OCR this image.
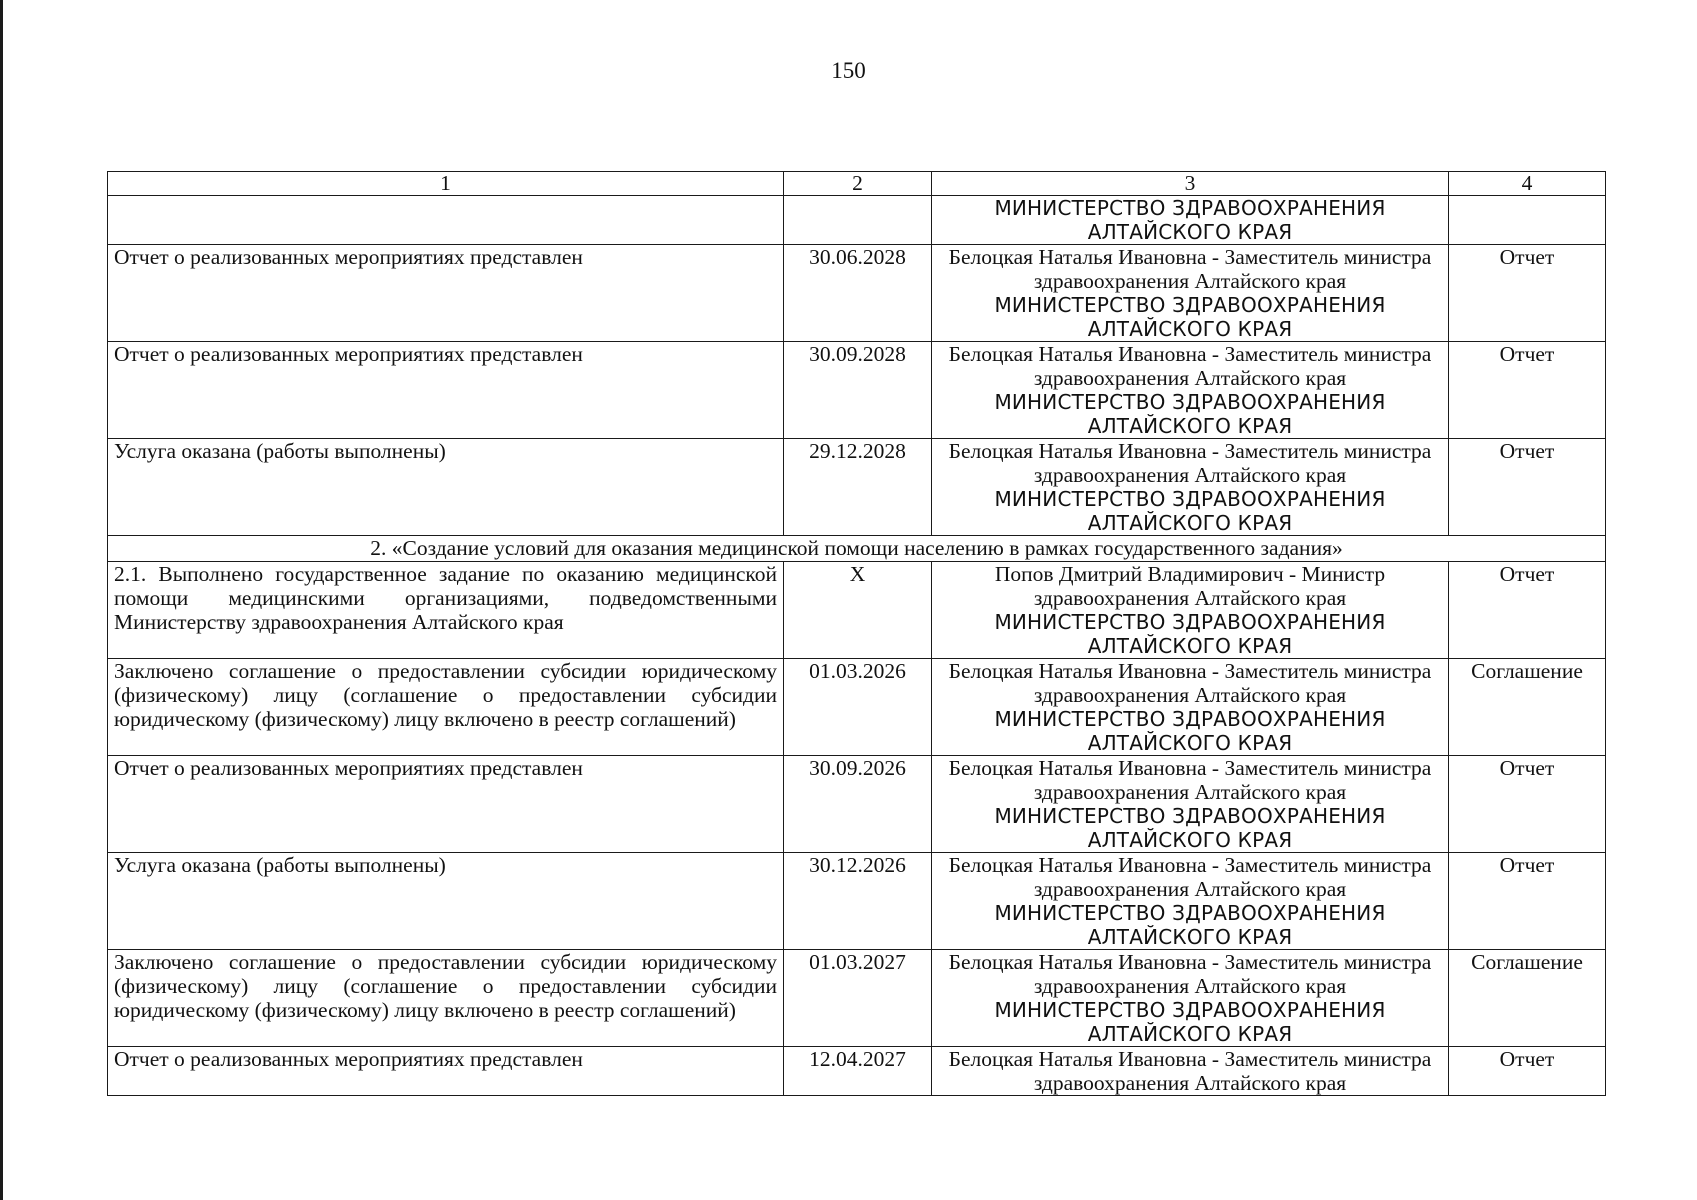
150
1	2	3	4

		МИНИСТЕРСТВО ЗДРАВООХРАНЕНИЯ АЛТАЙСКОГО КРАЯ	

Отчет о реализованных мероприятиях представлен	30.06.2028	Белоцкая Наталья Ивановна - Заместитель министра здравоохранения Алтайского края
МИНИСТЕРСТВО ЗДРАВООХРАНЕНИЯ АЛТАЙСКОГО КРАЯ	Отчет
Отчет о реализованных мероприятиях представлен	30.09.2028	Белоцкая Наталья Ивановна - Заместитель министра здравоохранения Алтайского края
МИНИСТЕРСТВО ЗДРАВООХРАНЕНИЯ АЛТАЙСКОГО КРАЯ	Отчет
Услуга оказана (работы выполнены)	29.12.2028	Белоцкая Наталья Ивановна - Заместитель министра здравоохранения Алтайского края
МИНИСТЕРСТВО ЗДРАВООХРАНЕНИЯ АЛТАЙСКОГО КРАЯ	Отчет
2. «Создание условий для оказания медицинской помощи населению в рамках государственного задания»			
2.1. Выполнено государственное задание по оказанию медицинской помощи медицинскими организациями, подведомственными Министерству здравоохранения Алтайского края	X	Попов Дмитрий Владимирович - Министр здравоохранения Алтайского края
МИНИСТЕРСТВО ЗДРАВООХРАНЕНИЯ АЛТАЙСКОГО КРАЯ	Отчет
Заключено соглашение о предоставлении субсидии юридическому (физическому) лицу (соглашение о предоставлении субсидии юридическому (физическому) лицу включено в реестр соглашений)	01.03.2026	Белоцкая Наталья Ивановна - Заместитель министра здравоохранения Алтайского края
МИНИСТЕРСТВО ЗДРАВООХРАНЕНИЯ АЛТАЙСКОГО КРАЯ	Соглашение
Отчет о реализованных мероприятиях представлен	30.09.2026	Белоцкая Наталья Ивановна - Заместитель министра здравоохранения Алтайского края
МИНИСТЕРСТВО ЗДРАВООХРАНЕНИЯ АЛТАЙСКОГО КРАЯ	Отчет
Услуга оказана (работы выполнены)	30.12.2026	Белоцкая Наталья Ивановна - Заместитель министра здравоохранения Алтайского края
МИНИСТЕРСТВО ЗДРАВООХРАНЕНИЯ АЛТАЙСКОГО КРАЯ	Отчет
Заключено соглашение о предоставлении субсидии юридическому (физическому) лицу (соглашение о предоставлении субсидии юридическому (физическому) лицу включено в реестр соглашений)	01.03.2027	Белоцкая Наталья Ивановна - Заместитель министра здравоохранения Алтайского края
МИНИСТЕРСТВО ЗДРАВООХРАНЕНИЯ АЛТАЙСКОГО КРАЯ	Соглашение
Отчет о реализованных мероприятиях представлен	12.04.2027	Белоцкая Наталья Ивановна - Заместитель министра здравоохранения Алтайского края	Отчет
